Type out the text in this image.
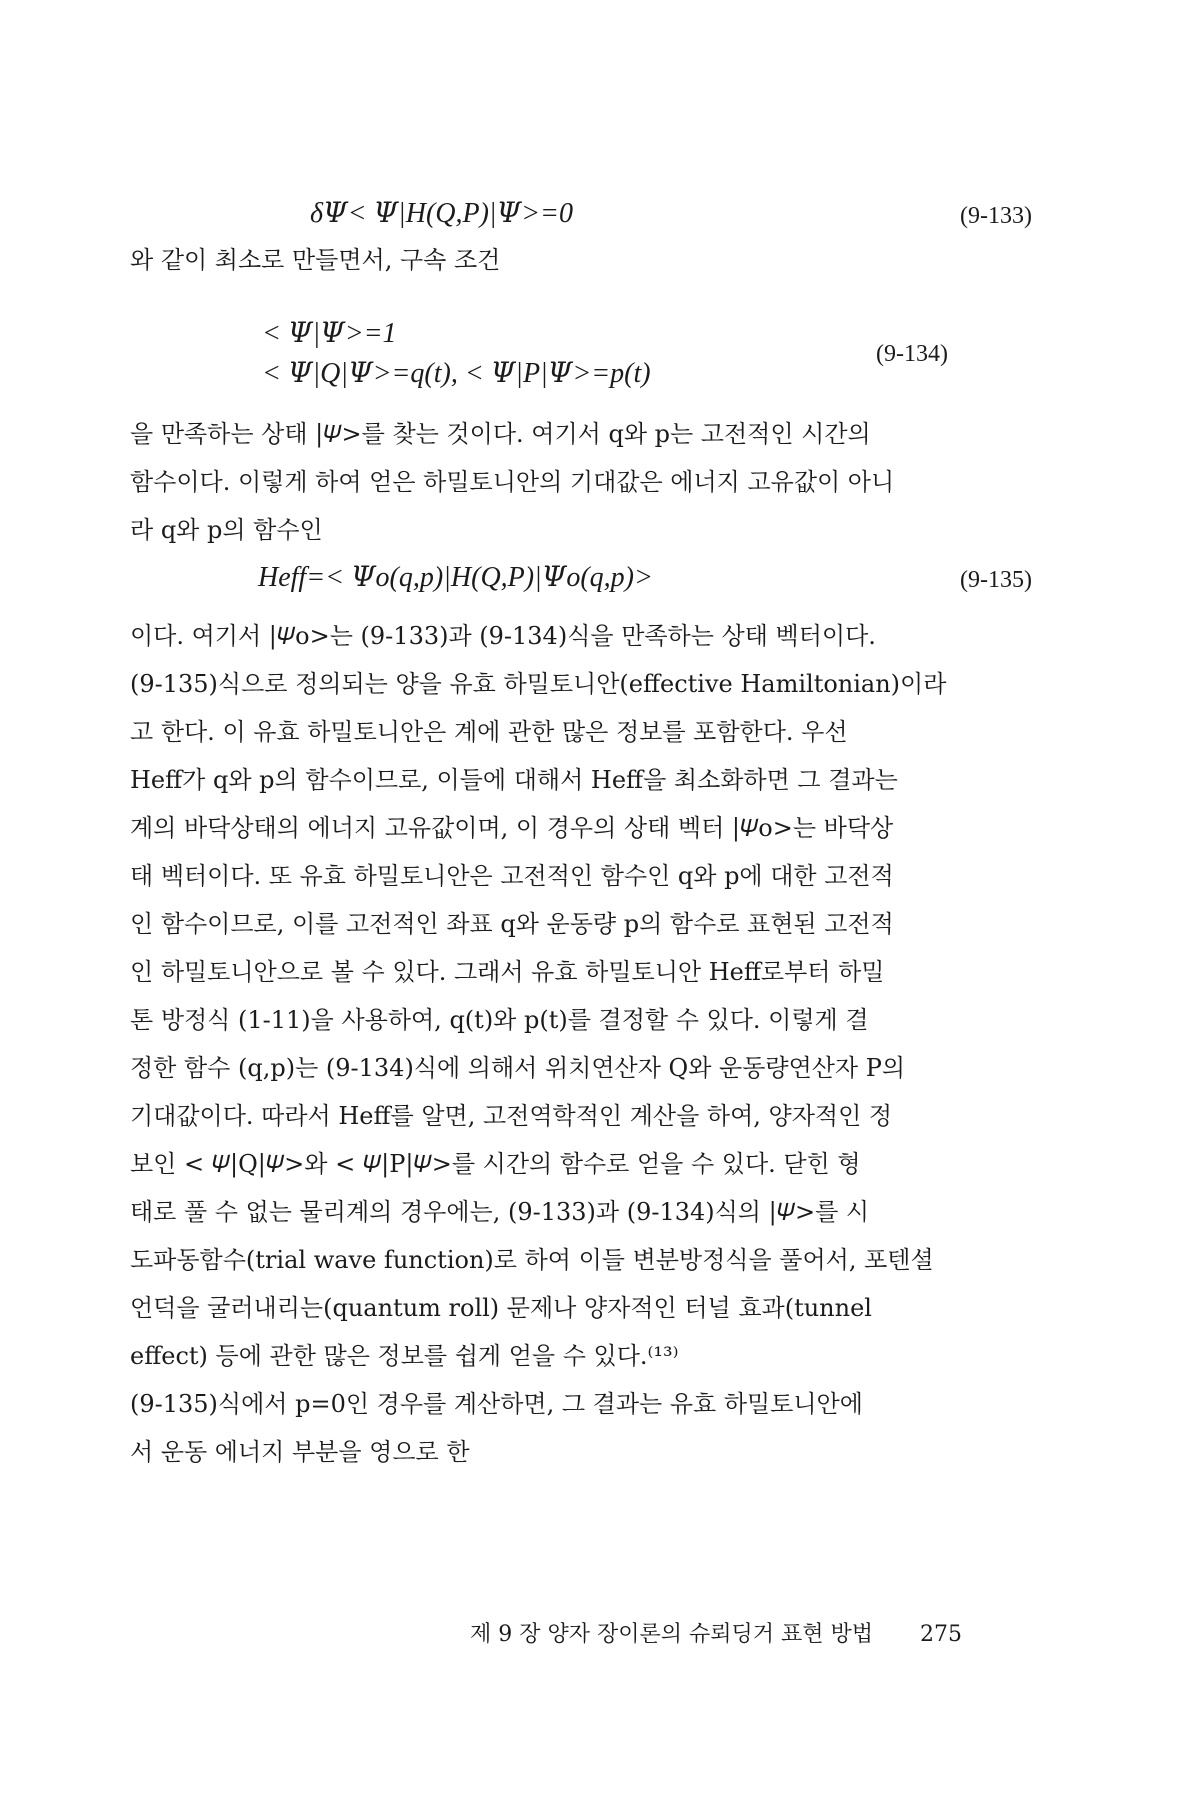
δ𝛹< 𝛹|H(Q,P)|𝛹>=0	(9-133)
와 같이 최소로 만들면서, 구속 조건
< 𝛹|𝛹>=1
< 𝛹|Q|𝛹>=q(t), < 𝛹|P|𝛹>=p(t)
(9-134)
을 만족하는 상태 |𝛹>를 찾는 것이다. 여기서 q와 p는 고전적인 시간의
함수이다. 이렇게 하여 얻은 하밀토니안의 기대값은 에너지 고유값이 아니
라 q와 p의 함수인
Heff=< 𝛹o(q,p)|H(Q,P)|𝛹o(q,p)>	(9-135)
이다. 여기서 |𝛹o>는 (9-133)과 (9-134)식을 만족하는 상태 벡터이다.
(9-135)식으로 정의되는 양을 유효 하밀토니안(effective Hamiltonian)이라
고 한다. 이 유효 하밀토니안은 계에 관한 많은 정보를 포함한다. 우선
Heff가 q와 p의 함수이므로, 이들에 대해서 Heff을 최소화하면 그 결과는
계의 바닥상태의 에너지 고유값이며, 이 경우의 상태 벡터 |𝛹o>는 바닥상
태 벡터이다. 또 유효 하밀토니안은 고전적인 함수인 q와 p에 대한 고전적
인 함수이므로, 이를 고전적인 좌표 q와 운동량 p의 함수로 표현된 고전적
인 하밀토니안으로 볼 수 있다. 그래서 유효 하밀토니안 Heff로부터 하밀
톤 방정식 (1-11)을 사용하여, q(t)와 p(t)를 결정할 수 있다. 이렇게 결
정한 함수 (q,p)는 (9-134)식에 의해서 위치연산자 Q와 운동량연산자 P의
기대값이다. 따라서 Heff를 알면, 고전역학적인 계산을 하여, 양자적인 정
보인 < 𝛹|Q|𝛹>와 < 𝛹|P|𝛹>를 시간의 함수로 얻을 수 있다. 닫힌 형
태로 풀 수 없는 물리계의 경우에는, (9-133)과 (9-134)식의 |𝛹>를 시
도파동함수(trial wave function)로 하여 이들 변분방정식을 풀어서, 포텐셜
언덕을 굴러내리는(quantum roll) 문제나 양자적인 터널 효과(tunnel
effect) 등에 관한 많은 정보를 쉽게 얻을 수 있다.⁽¹³⁾
(9-135)식에서 p=0인 경우를 계산하면, 그 결과는 유효 하밀토니안에
서 운동 에너지 부분을 영으로 한
제 9 장 양자 장이론의 슈뢰딩거 표현 방법 275
